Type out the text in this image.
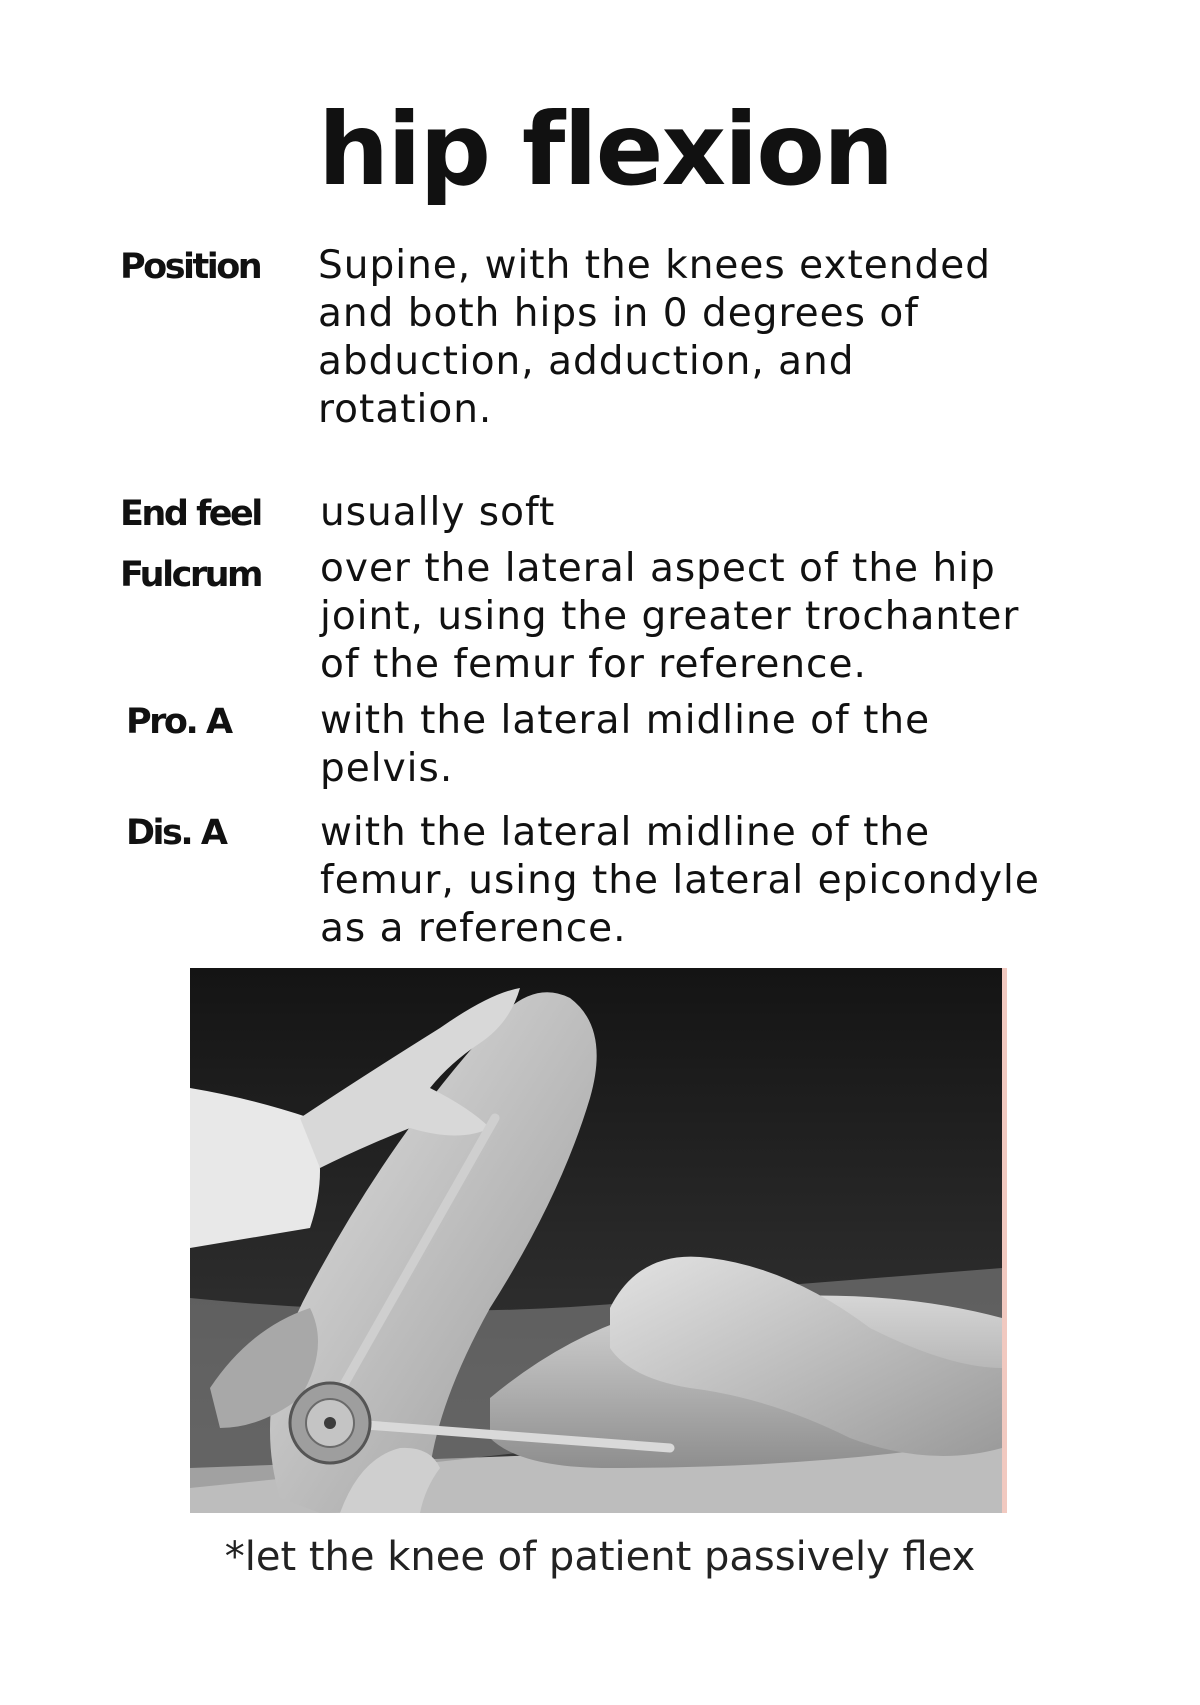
hip flexion
Position Supine, with the knees extended
and both hips in 0 degrees of
abduction, adduction, and
rotation.

End feel usually soft

Fulcrum over the lateral aspect of the hip
joint, using the greater trochanter
of the femur for reference.

Pro. A with the lateral midline of the
pelvis.

Dis. A with the lateral midline of the
femur, using the lateral epicondyle
as a reference.

*let the knee of patient passively flex
